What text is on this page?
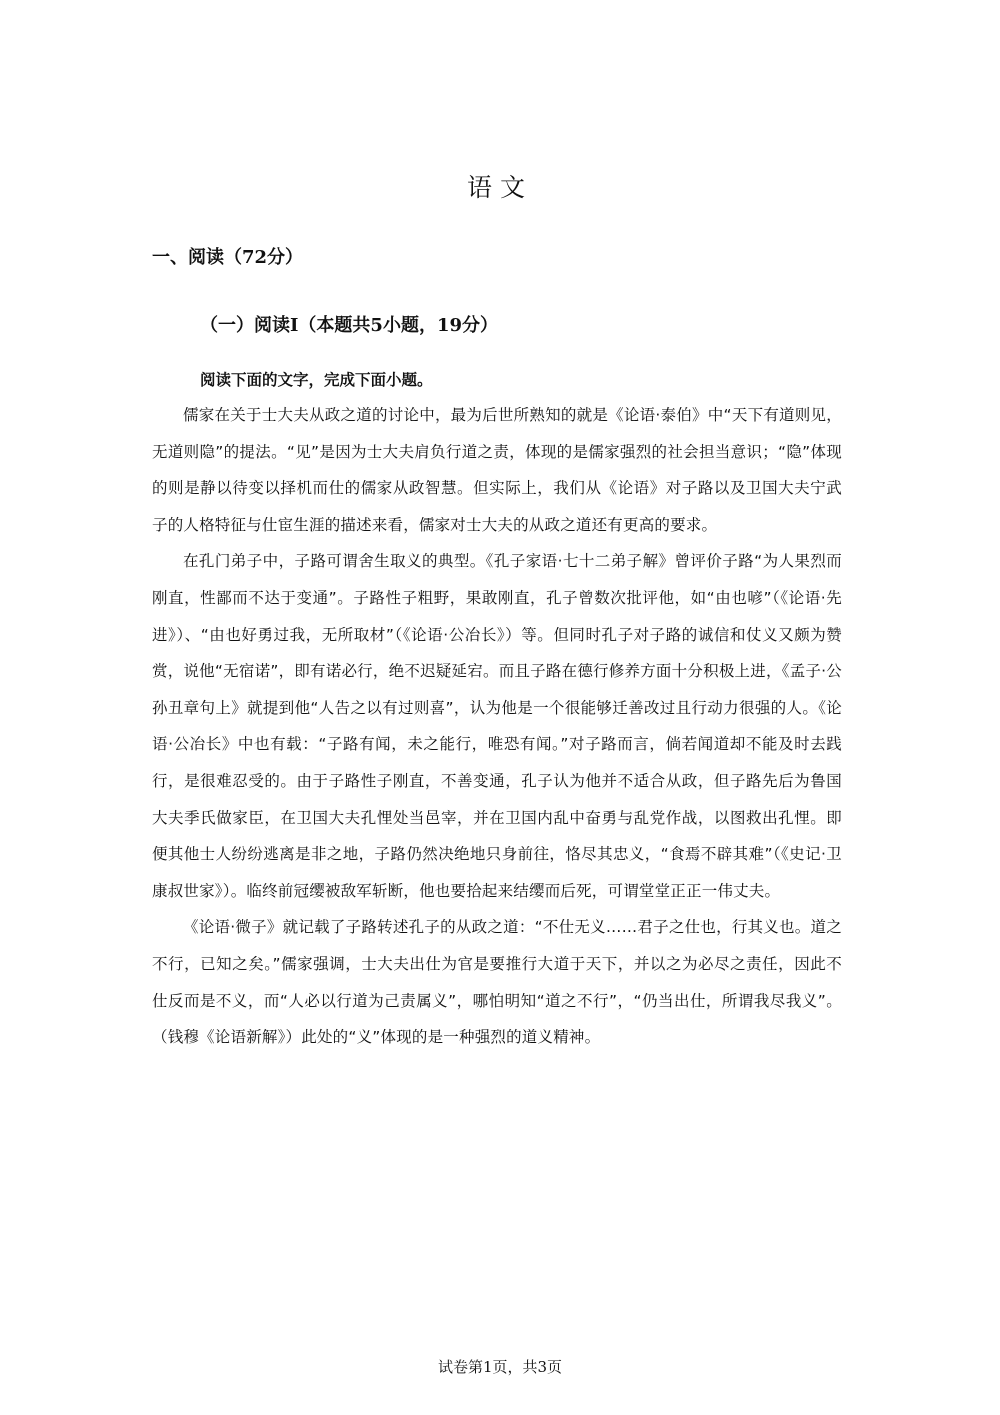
语文
一、阅读（72分）
（一）阅读I（本题共5小题，19分）
阅读下面的文字，完成下面小题。

儒家在关于士大夫从政之道的讨论中，最为后世所熟知的就是《论语·泰伯》中“天下有道则见，无道则隐”的提法。“见”是因为士大夫肩负行道之责，体现的是儒家强烈的社会担当意识；“隐”体现的则是静以待变以择机而仕的儒家从政智慧。但实际上，我们从《论语》对子路以及卫国大夫宁武子的人格特征与仕宦生涯的描述来看，儒家对士大夫的从政之道还有更高的要求。

在孔门弟子中，子路可谓舍生取义的典型。《孔子家语·七十二弟子解》曾评价子路“为人果烈而刚直，性鄙而不达于变通”。子路性子粗野，果敢刚直，孔子曾数次批评他，如“由也喭”（《论语·先进》）、“由也好勇过我，无所取材”（《论语·公冶长》）等。但同时孔子对子路的诚信和仗义又颇为赞赏，说他“无宿诺”，即有诺必行，绝不迟疑延宕。而且子路在德行修养方面十分积极上进，《孟子·公孙丑章句上》就提到他“人告之以有过则喜”，认为他是一个很能够迁善改过且行动力很强的人。《论语·公冶长》中也有载：“子路有闻，未之能行，唯恐有闻。”对子路而言，倘若闻道却不能及时去践行，是很难忍受的。由于子路性子刚直，不善变通，孔子认为他并不适合从政，但子路先后为鲁国大夫季氏做家臣，在卫国大夫孔悝处当邑宰，并在卫国内乱中奋勇与乱党作战，以图救出孔悝。即便其他士人纷纷逃离是非之地，子路仍然决绝地只身前往，恪尽其忠义，“食焉不辟其难”（《史记·卫康叔世家》）。临终前冠缨被敌军斩断，他也要拾起来结缨而后死，可谓堂堂正正一伟丈夫。

《论语·微子》就记载了子路转述孔子的从政之道：“不仕无义……君子之仕也，行其义也。道之不行，已知之矣。”儒家强调，士大夫出仕为官是要推行大道于天下，并以之为必尽之责任，因此不仕反而是不义，而“人必以行道为己责属义”，哪怕明知“道之不行”，“仍当出仕，所谓我尽我义”。（钱穆《论语新解》）此处的“义”体现的是一种强烈的道义精神。

试卷第1页，共3页
